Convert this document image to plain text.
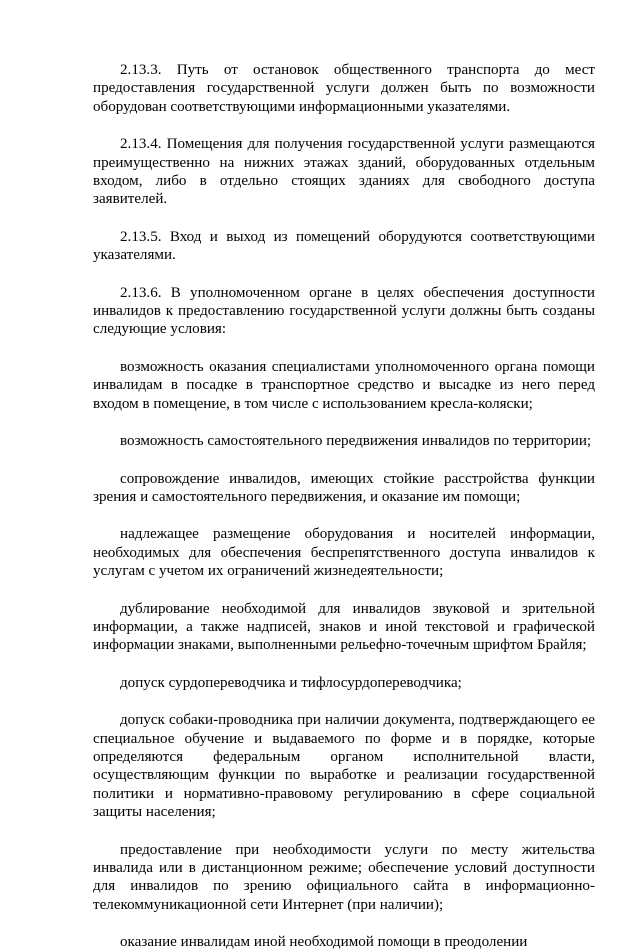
2.13.3. Путь от остановок общественного транспорта до мест предоставления государственной услуги должен быть по возможности оборудован соответствующими информационными указателями.

2.13.4. Помещения для получения государственной услуги размещаются преимущественно на нижних этажах зданий, оборудованных отдельным входом, либо в отдельно стоящих зданиях для свободного доступа заявителей.

2.13.5. Вход и выход из помещений оборудуются соответствующими указателями.

2.13.6. В уполномоченном органе в целях обеспечения доступности инвалидов к предоставлению государственной услуги должны быть созданы следующие условия:

возможность оказания специалистами уполномоченного органа помощи инвалидам в посадке в транспортное средство и высадке из него перед входом в помещение, в том числе с использованием кресла-коляски;

возможность самостоятельного передвижения инвалидов по территории;

сопровождение инвалидов, имеющих стойкие расстройства функции зрения и самостоятельного передвижения, и оказание им помощи;

надлежащее размещение оборудования и носителей информации, необходимых для обеспечения беспрепятственного доступа инвалидов к услугам с учетом их ограничений жизнедеятельности;

дублирование необходимой для инвалидов звуковой и зрительной информации, а также надписей, знаков и иной текстовой и графической информации знаками, выполненными рельефно-точечным шрифтом Брайля;

допуск сурдопереводчика и тифлосурдопереводчика;

допуск собаки-проводника при наличии документа, подтверждающего ее специальное обучение и выдаваемого по форме и в порядке, которые определяются федеральным органом исполнительной власти, осуществляющим функции по выработке и реализации государственной политики и нормативно-правовому регулированию в сфере социальной защиты населения;

предоставление при необходимости услуги по месту жительства инвалида или в дистанционном режиме; обеспечение условий доступности для инвалидов по зрению официального сайта в информационно-телекоммуникационной сети Интернет (при наличии);

оказание инвалидам иной необходимой помощи в преодолении
